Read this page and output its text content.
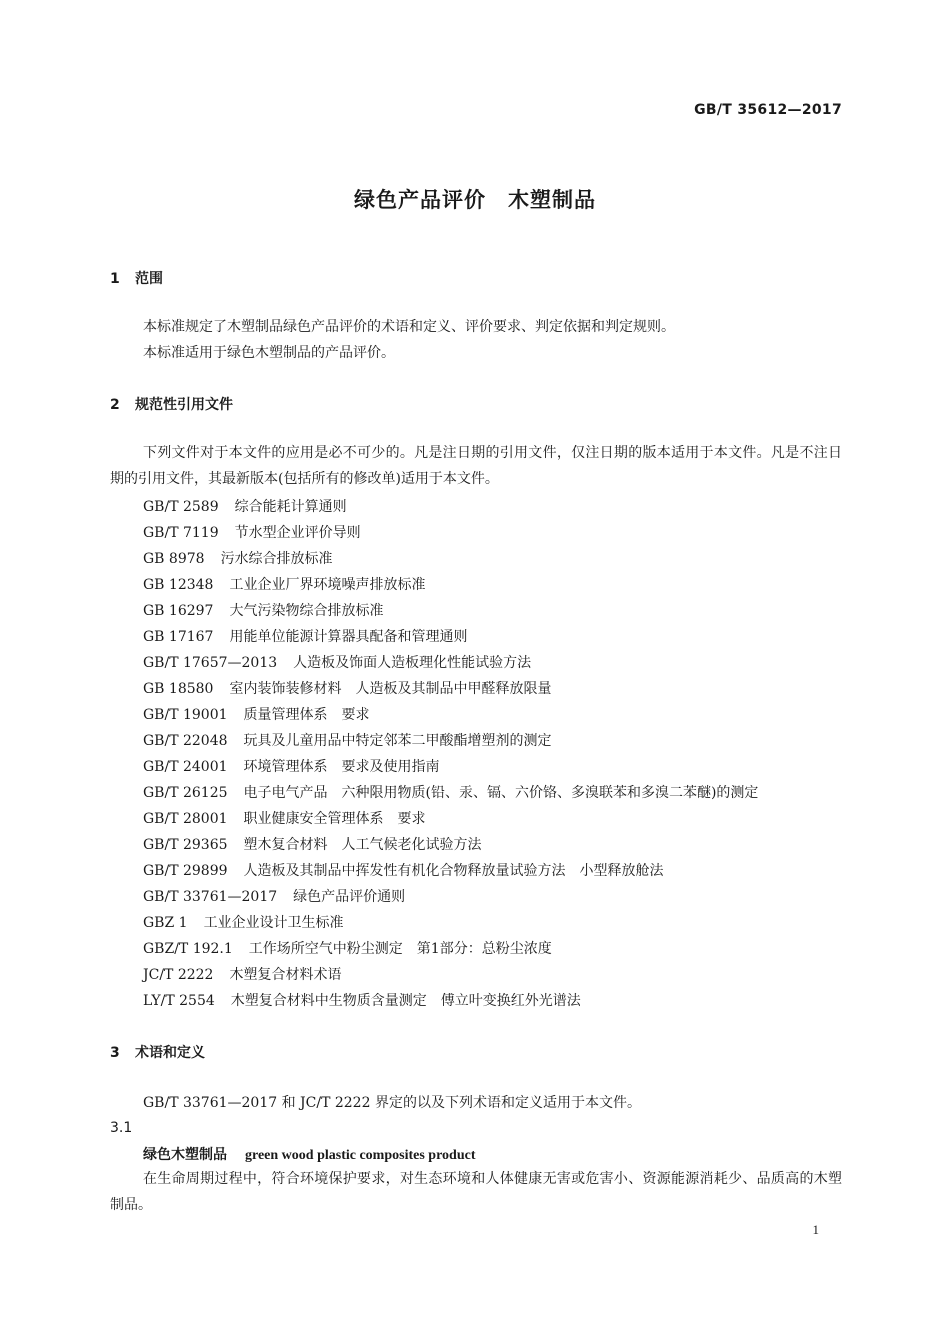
GB/T 35612—2017
绿色产品评价　木塑制品
1 范围
本标准规定了木塑制品绿色产品评价的术语和定义、评价要求、判定依据和判定规则。
本标准适用于绿色木塑制品的产品评价。
2 规范性引用文件
下列文件对于本文件的应用是必不可少的。凡是注日期的引用文件，仅注日期的版本适用于本文件。凡是不注日期的引用文件，其最新版本(包括所有的修改单)适用于本文件。
GB/T 2589 综合能耗计算通则
GB/T 7119 节水型企业评价导则
GB 8978 污水综合排放标准
GB 12348 工业企业厂界环境噪声排放标准
GB 16297 大气污染物综合排放标准
GB 17167 用能单位能源计算器具配备和管理通则
GB/T 17657—2013 人造板及饰面人造板理化性能试验方法
GB 18580 室内装饰装修材料　人造板及其制品中甲醛释放限量
GB/T 19001 质量管理体系　要求
GB/T 22048 玩具及儿童用品中特定邻苯二甲酸酯增塑剂的测定
GB/T 24001 环境管理体系　要求及使用指南
GB/T 26125 电子电气产品　六种限用物质(铅、汞、镉、六价铬、多溴联苯和多溴二苯醚)的测定
GB/T 28001 职业健康安全管理体系　要求
GB/T 29365 塑木复合材料　人工气候老化试验方法
GB/T 29899 人造板及其制品中挥发性有机化合物释放量试验方法　小型释放舱法
GB/T 33761—2017 绿色产品评价通则
GBZ 1 工业企业设计卫生标准
GBZ/T 192.1 工作场所空气中粉尘测定　第1部分：总粉尘浓度
JC/T 2222 木塑复合材料术语
LY/T 2554 木塑复合材料中生物质含量测定　傅立叶变换红外光谱法
3 术语和定义
GB/T 33761—2017 和 JC/T 2222 界定的以及下列术语和定义适用于本文件。
3.1
绿色木塑制品 green wood plastic composites product
在生命周期过程中，符合环境保护要求，对生态环境和人体健康无害或危害小、资源能源消耗少、品质高的木塑制品。
1
